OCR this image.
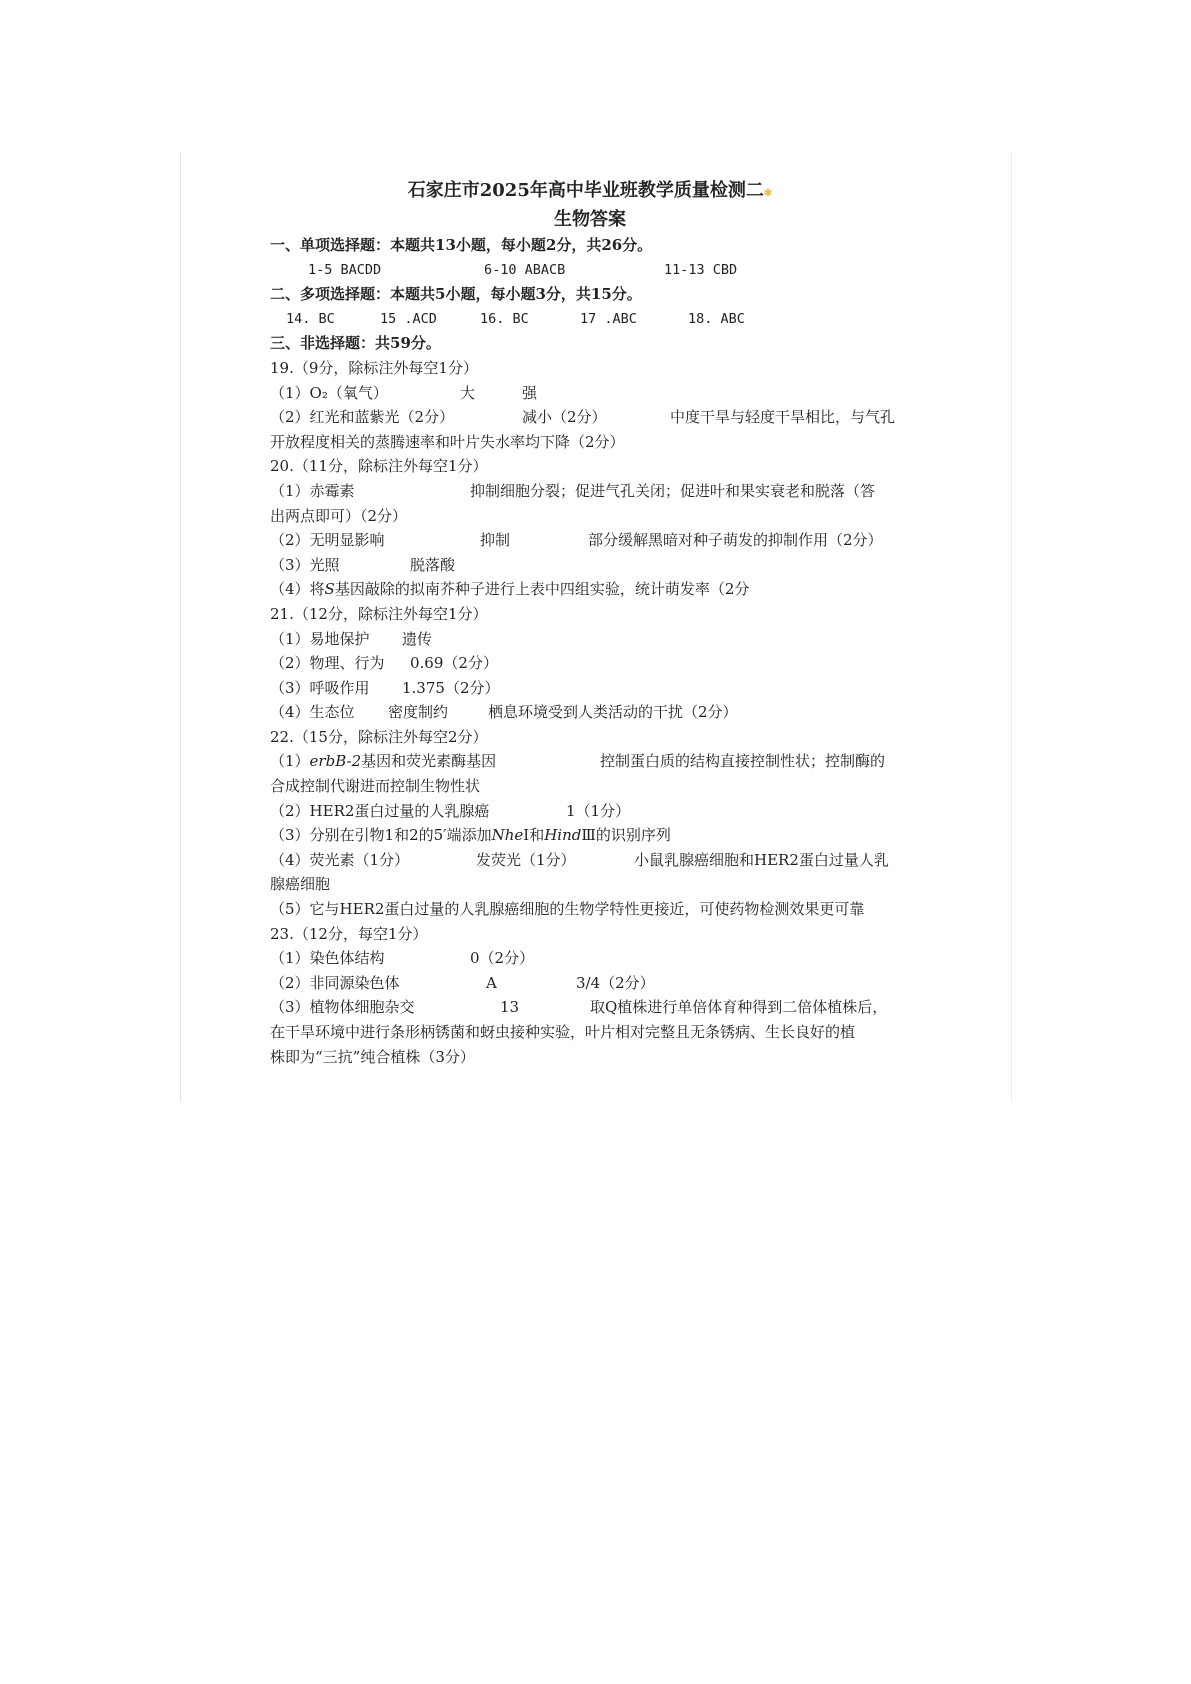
石家庄市2025年高中毕业班教学质量检测二✱
生物答案
一、单项选择题：本题共13小题，每小题2分，共26分。
1-5 BACDD	6-10 ABACB	11-13 CBD
二、多项选择题：本题共5小题，每小题3分，共15分。
14. BC	15 .ACD	16. BC	17 .ABC	18. ABC
三、非选择题：共59分。
19.（9分，除标注外每空1分）
（1）O₂（氧气）	大	强
（2）红光和蓝紫光（2分）	减小（2分）	中度干旱与轻度干旱相比，与气孔
开放程度相关的蒸腾速率和叶片失水率均下降（2分）
20.（11分，除标注外每空1分）
（1）赤霉素	抑制细胞分裂；促进气孔关闭；促进叶和果实衰老和脱落（答
出两点即可）（2分）
（2）无明显影响	抑制	部分缓解黑暗对种子萌发的抑制作用（2分）
（3）光照	脱落酸
（4）将S基因敲除的拟南芥种子进行上表中四组实验，统计萌发率（2分
21.（12分，除标注外每空1分）
（1）易地保护 遗传
（2）物理、行为 0.69（2分）
（3）呼吸作用 1.375（2分）
（4）生态位 密度制约	栖息环境受到人类活动的干扰（2分）
22.（15分，除标注外每空2分）
（1）erbB-2基因和荧光素酶基因	控制蛋白质的结构直接控制性状；控制酶的
合成控制代谢进而控制生物性状
（2）HER2蛋白过量的人乳腺癌	1（1分）
（3）分别在引物1和2的5′端添加NheⅠ和HindⅢ的识别序列
（4）荧光素（1分）	发荧光（1分）	小鼠乳腺癌细胞和HER2蛋白过量人乳
腺癌细胞
（5）它与HER2蛋白过量的人乳腺癌细胞的生物学特性更接近，可使药物检测效果更可靠
23.（12分，每空1分）
（1）染色体结构	0（2分）
（2）非同源染色体	A	3/4（2分）
（3）植物体细胞杂交	13	取Q植株进行单倍体育种得到二倍体植株后，
在干旱环境中进行条形柄锈菌和蚜虫接种实验，叶片相对完整且无条锈病、生长良好的植
株即为“三抗”纯合植株（3分）
